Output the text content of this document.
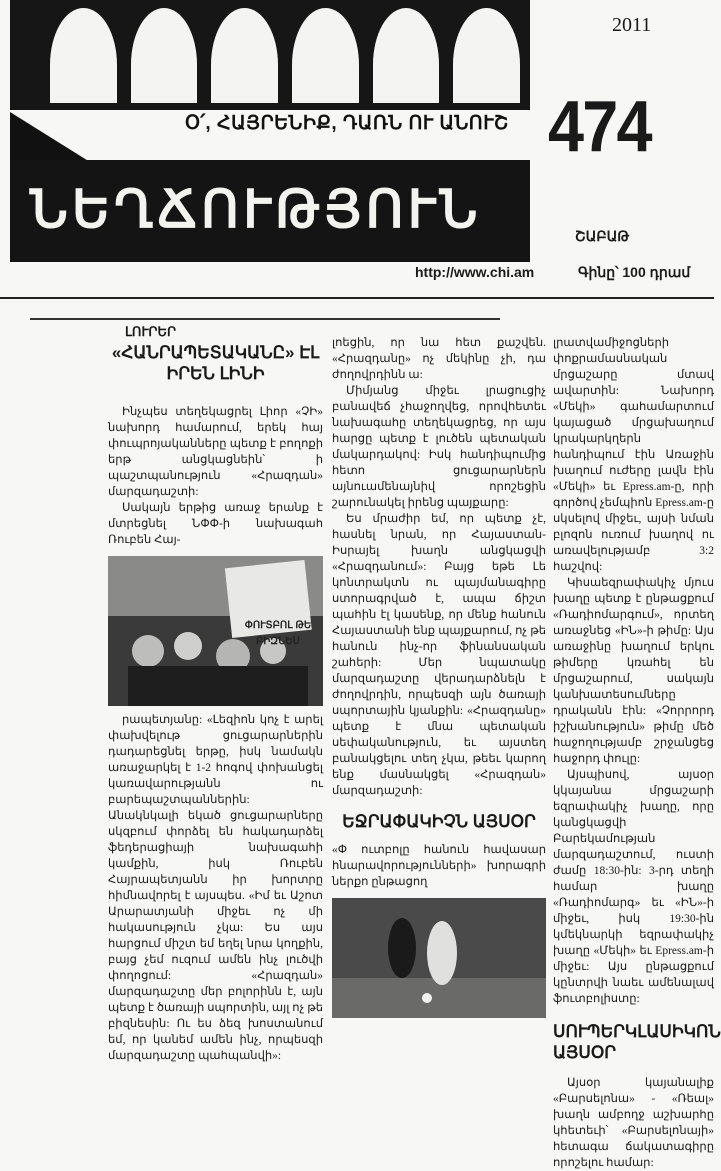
Օ՛, ՀԱՅՐԵՆԻՔ, ԴԱՌՆ ՈՒ ԱՆՈՒՇ
ՆԵՂՃՈՒԹՅՈՒՆ
2011
474
ՇԱԲԱԹ
http://www.chi.am	Գինը՝ 100 դրամ
ԼՈՒՐԵՐ
«ՀԱՆՐԱՊԵՏԱԿԱՆԸ» ԷԼ ԻՐԵՆ ԼԻՆԻ

Ինչպես տեղեկացրել Լիոր «ՉԻ» նախորդ համարում, երեկ հայ փուպրոյականները պետք է բողոքի երթ անցկացնեին՝ ի պաշտպանություն «Հրազդան» մարզադաշտի:

Սակայն երթից առաջ երանք է մտրեցնել ՆՓՓ-ի նախագահ Ռուբեն Հայ-

ՓՈՒՏԲՈԼ ԹԵ ԲԻԶՆԵՍ

րապետյանը: «Լեզիոն կոչ է արել փախվելութ ցուցարարներին դադարեցնել երթը, իսկ նամակն առաջարկել է 1-2 հոգով փոխանցել կառավարությանն ու բարեպաշտպաններին: Անակնկալի եկած ցուցարարները սկզբում փորձել են հակադարձել ֆեդերացիայի նախագահի կամքին, իսկ Ռուբեն Հայրապետյանն իր խորտրը հիմնավորել է այսպես. «Իմ եւ Աշոտ Արարատյանի միջեւ ոչ մի հակասություն չկա: Ես այս հարցում միշտ եմ եղել նրա կողքին, բայց չեմ ուզում ամեն ինչ լուծվի փողոցում: «Հրազդան» մարզադաշտը մեր բոլորինն է, այն պետք է ծառայի սպորտին, այլ ոչ թե բիզնեսին: Ու ես ձեզ խոստանում եմ, որ կանեմ ամեն ինչ, որպեսզի մարզադաշտը պահպանվի»:

լոեցին, որ նա հետ քաշվեն. «Հրազդանը» ոչ մեկինը չի, դա ժողովրդինն ա:

Միմյանց միջեւ լրացուցիչ բանավեճ չհաջողվեց, որովհետեւ նախագահը տեղեկացրեց, որ այս հարցը պետք է լուծեն պետական մակարդակով: Իսկ հանդիպումից հետո ցուցարարներն այնուամենայնիվ որոշեցին շարունակել իրենց պայքարը:

Ես մրաժիր եմ, որ պետք չէ, հասնել նրան, որ Հայաստան-Իսրայել խաղն անցկացվի «Հրազդանում»: Բայց եթե Լե կոնտրակտն ու պայմանագիրը ստորագրված է, ապա ճիշտ պահին էլ կասենք, որ մենք հանուն Հայաստանի ենք պայքարում, ոչ թե հանուն ինչ-որ ֆինանսական շահերի: Մեր նպատակը մարզադաշտը վերադարձնելն է ժողովրդին, որպեսզի այն ծառայի սպորտային կյանքին: «Հրազդանը» պետք է մնա պետական սեփականություն, եւ այստեղ բանակցելու տեղ չկա, թեեւ կարող ենք մասնակցել «Հրազդան» մարզադաշտի:

ԵՋՐԱՓԱԿԻՉՆ ԱՅՍՕՐ

«Փ ուտբոլը հանուն հավասար հնարավորությունների» խորագրի ներքո ընթացող

լրատվամիջոցների փոքրամասնական մրցաշարը մտավ ավարտին: Նախորդ «Մեկի» գահամարտում կայացած մրցախաղում կրակարկղերն հանդիպում էին Առաջին խաղում ուժերը լավն էին «Մեկի» եւ Epress.am-ը, որի գործով չեմպիոն Epress.am-ը սկսելով միջեւ, այսի նման բլոզոն ուռում խաղով ու առավելությամբ 3:2 հաշվով:

Կիսաեզրափակիչ մյուս խաղը պետք է ընթացքում «Ռադիոմարգում», որտեղ առաջնեց «ԻՆ»-ի թիմը: Այս առաջինը խաղում երկու թիմերը կռահել են մրցաշարում, սակայն կանխատեսումները դրականն էին: «Չորրորդ իշխանություն» թիմը մեծ հաջողությամբ շրջանցեց հաջորդ փուլը:

Այսպիսով, այսօր կկայանա մրցաշարի եզրափակիչ խաղը, որը կանցկացվի Բարեկամության մարզադաշտում, ուստի ժամը 18:30-ին: 3-րդ տեղի համար խաղը «Ռադիոմարգ» եւ «ԻՆ»-ի միջեւ, իսկ 19:30-ին կմեկնարկի եզրափակիչ խաղը «Մեկի» եւ Epress.am-ի միջեւ: Այս ընթացքում կընտրվի նաեւ ամենալավ ֆուտբոլիստը:

ՍՈՒՊԵՐԿԼԱՍԻԿՈՆ ԱՅՍՕՐ

Այսօր կայանալիք «Բարսելոնա» - «Ռեալ» խաղն ամբողջ աշխարհը կհետեւի՝ «Բարսելոնայի» հետագա ճակատագիրը որոշելու համար:
